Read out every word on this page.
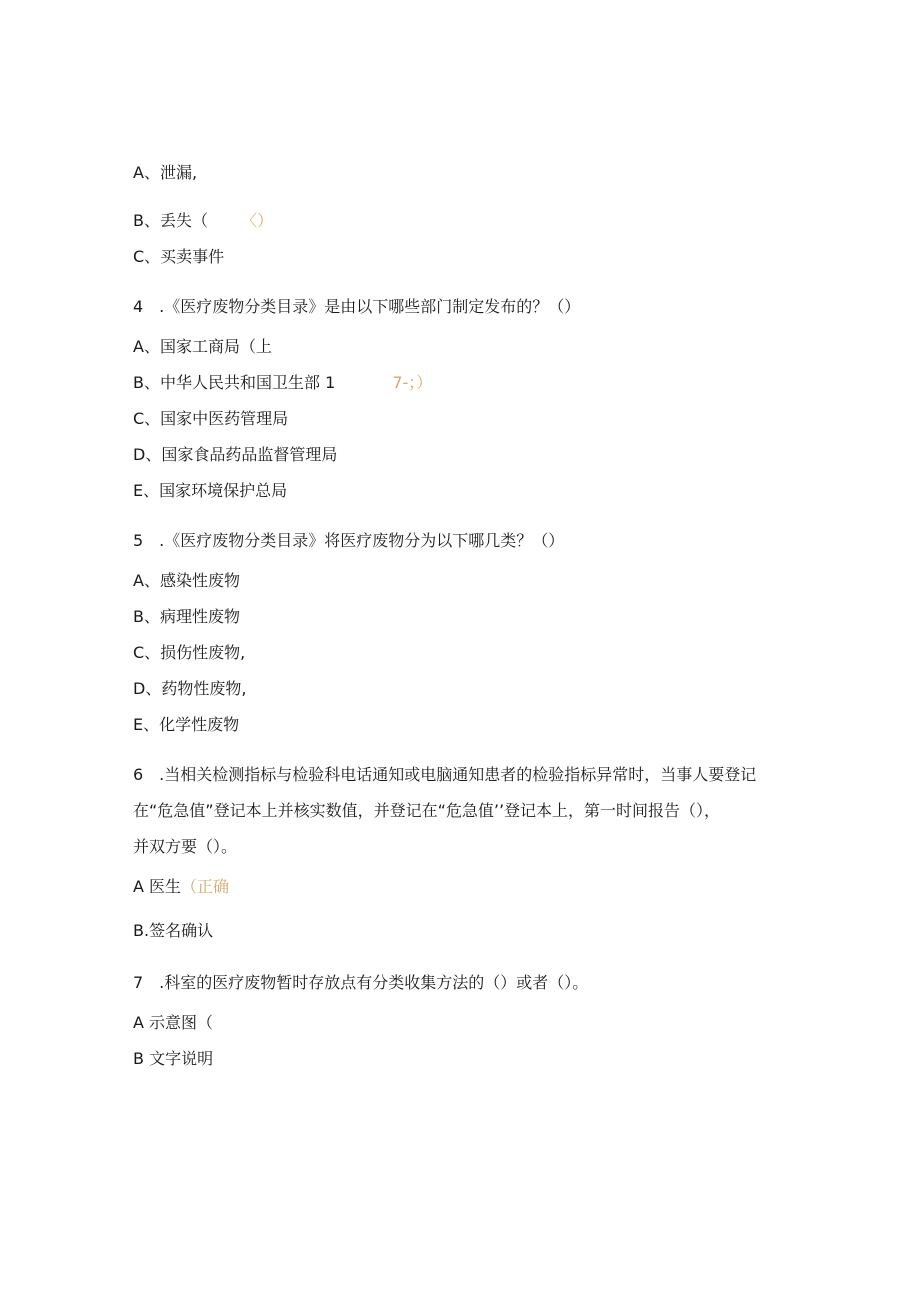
A、泄漏,
B、丢失（ 〈）
C、买卖事件
4　.《医疗废物分类目录》是由以下哪些部门制定发布的？（）
A、国家工商局（上
B、中华人民共和国卫生部 1	7-；）
C、国家中医药管理局
D、国家食品药品监督管理局
E、国家环境保护总局
5　.《医疗废物分类目录》将医疗废物分为以下哪几类？（）
A、感染性废物
B、病理性废物
C、损伤性废物,
D、药物性废物,
E、化学性废物
6　.当相关检测指标与检验科电话通知或电脑通知患者的检验指标异常时，当事人要登记
在“危急值”登记本上并核实数值，并登记在“危急值’’登记本上，第一时间报告（），
并双方要（）。
A 医生（正确
B.签名确认
7　.科室的医疗废物暂时存放点有分类收集方法的（）或者（）。
A 示意图（
B 文字说明
